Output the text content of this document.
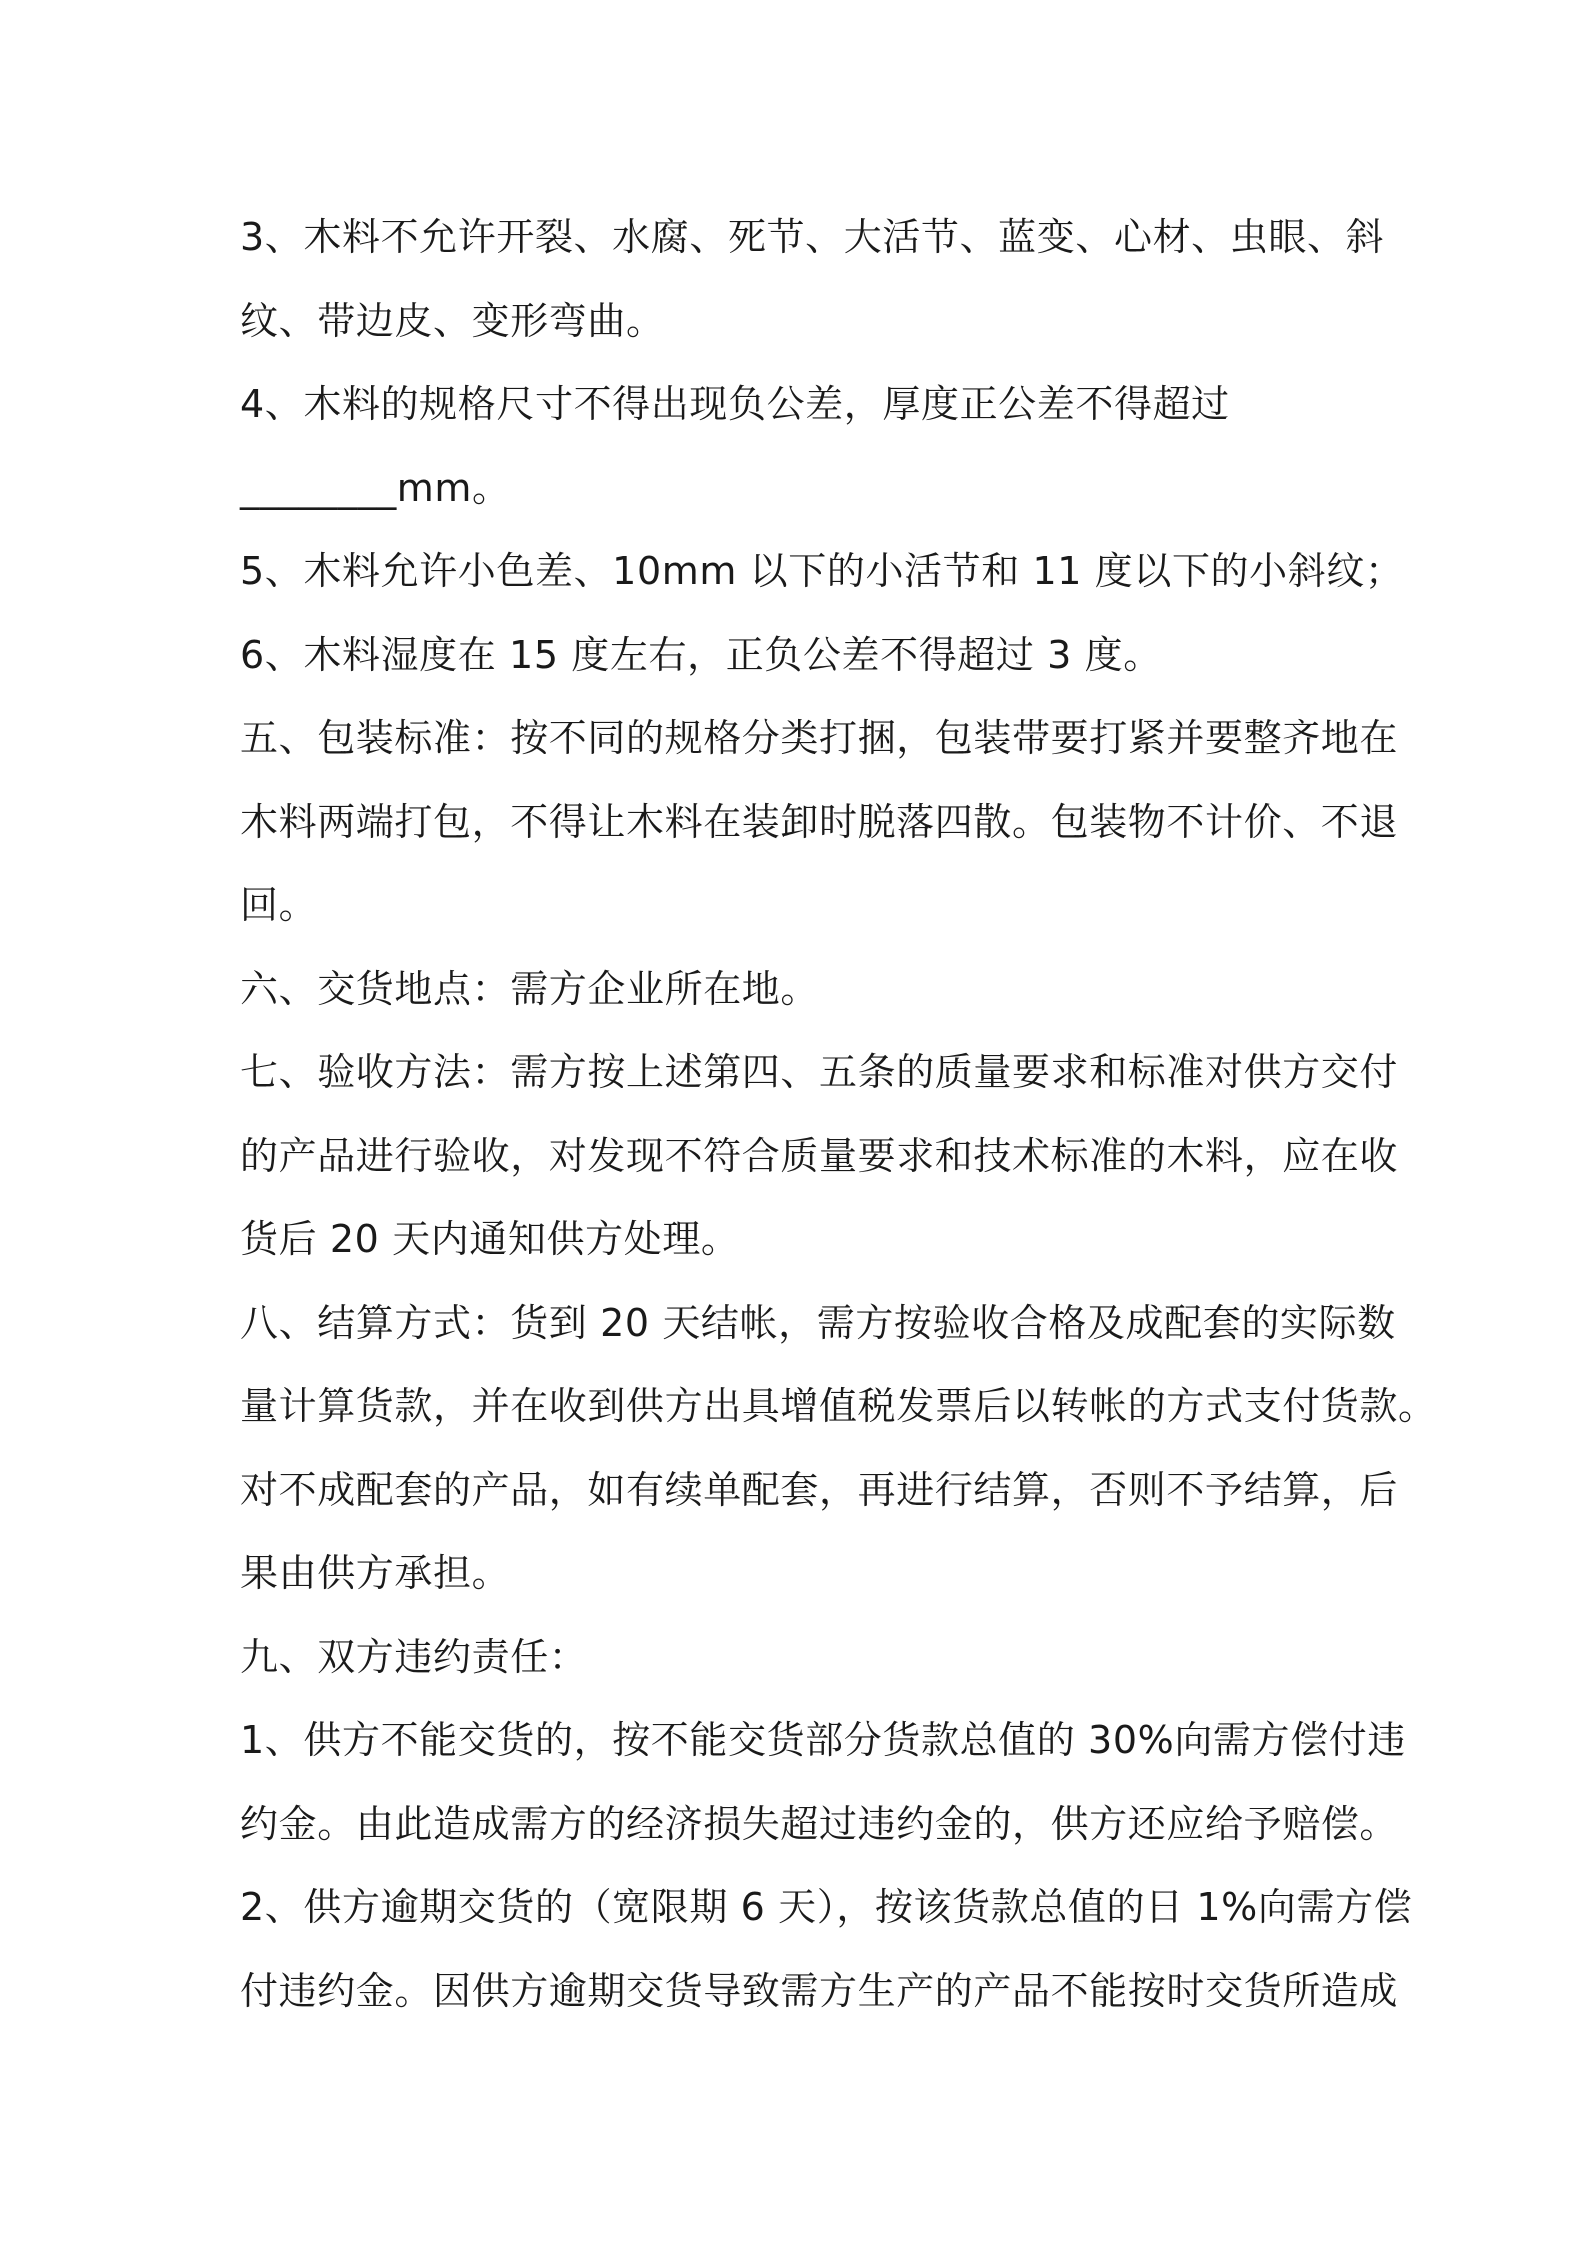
3、木料不允许开裂、水腐、死节、大活节、蓝变、心材、虫眼、斜
纹、带边皮、变形弯曲。
4、木料的规格尺寸不得出现负公差，厚度正公差不得超过
________mm。
5、木料允许小色差、10mm 以下的小活节和 11 度以下的小斜纹；
6、木料湿度在 15 度左右，正负公差不得超过 3 度。
五、包装标准：按不同的规格分类打捆，包装带要打紧并要整齐地在
木料两端打包，不得让木料在装卸时脱落四散。包装物不计价、不退
回。
六、交货地点：需方企业所在地。
七、验收方法：需方按上述第四、五条的质量要求和标准对供方交付
的产品进行验收，对发现不符合质量要求和技术标准的木料，应在收
货后 20 天内通知供方处理。
八、结算方式：货到 20 天结帐，需方按验收合格及成配套的实际数
量计算货款，并在收到供方出具增值税发票后以转帐的方式支付货款。
对不成配套的产品，如有续单配套，再进行结算，否则不予结算，后
果由供方承担。
九、双方违约责任：
1、供方不能交货的，按不能交货部分货款总值的 30%向需方偿付违
约金。由此造成需方的经济损失超过违约金的，供方还应给予赔偿。
2、供方逾期交货的（宽限期 6 天），按该货款总值的日 1%向需方偿
付违约金。因供方逾期交货导致需方生产的产品不能按时交货所造成
